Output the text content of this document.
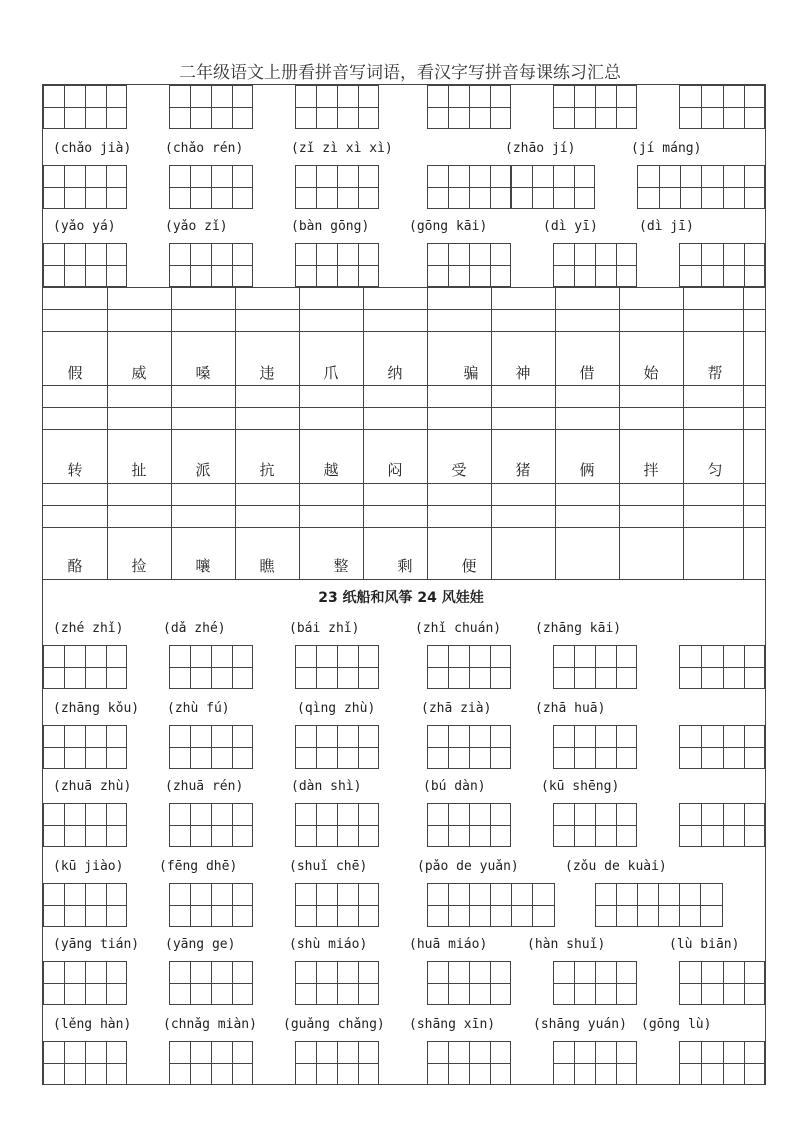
二年级语文上册看拼音写词语，看汉字写拼音每课练习汇总
(chǎo jià)	(chǎo rén)	(zǐ zì xì xì)	(zhāo jí)	(jí máng)
(yǎo yá)	(yǎo zǐ)	(bàn gōng)	(gōng kāi)	(dì yī)	(dì jī)
假	威	嗓	违	爪	纳	骗	神	借	始	帮
转	扯	派	抗	越	闷	受	猪	俩	拌	匀
酪	捡	嚷	瞧	整	剩	便
23 纸船和风筝 24 风娃娃
(zhé zhǐ)	(dǎ zhé)	(bái zhǐ)	(zhǐ chuán)	(zhāng kāi)
(zhāng kǒu) (zhù fú)	(qìng zhù)	(zhā zià)	(zhā huā)
(zhuā zhù)	(zhuā rén)	(dàn shì)	(bú dàn)	(kū shēng)
(kū jiào)	(fēng dhē)	(shuǐ chē)	(pǎo de yuǎn)	(zǒu de kuài)
(yāng tián) (yāng ge)	(shù miáo)	(huā miáo)	(hàn shuǐ)	(lù biān)
(lěng hàn) (chnǎg miàn) (guǎng chǎng) (shāng xīn)	(shāng yuán) (gōng lù)
